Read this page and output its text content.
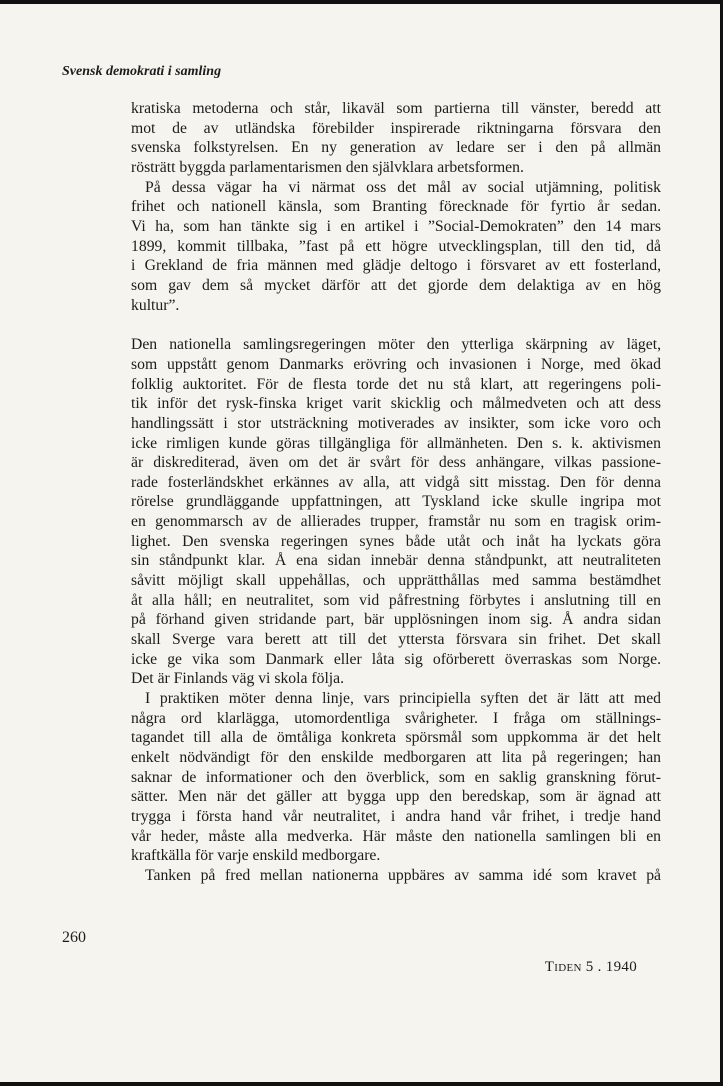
Svensk demokrati i samling
kratiska metoderna och står, likaväl som partierna till vänster, beredd att
mot de av utländska förebilder inspirerade riktningarna försvara den
svenska folkstyrelsen. En ny generation av ledare ser i den på allmän
rösträtt byggda parlamentarismen den självklara arbetsformen.
På dessa vägar ha vi närmat oss det mål av social utjämning, politisk
frihet och nationell känsla, som Branting förecknade för fyrtio år sedan.
Vi ha, som han tänkte sig i en artikel i ”Social-Demokraten” den 14 mars
1899, kommit tillbaka, ”fast på ett högre utvecklingsplan, till den tid, då
i Grekland de fria männen med glädje deltogo i försvaret av ett fosterland,
som gav dem så mycket därför att det gjorde dem delaktiga av en hög
kultur”.
Den nationella samlingsregeringen möter den ytterliga skärpning av läget,
som uppstått genom Danmarks erövring och invasionen i Norge, med ökad
folklig auktoritet. För de flesta torde det nu stå klart, att regeringens poli-
tik inför det rysk-finska kriget varit skicklig och målmedveten och att dess
handlingssätt i stor utsträckning motiverades av insikter, som icke voro och
icke rimligen kunde göras tillgängliga för allmänheten. Den s. k. aktivismen
är diskrediterad, även om det är svårt för dess anhängare, vilkas passione-
rade fosterländskhet erkännes av alla, att vidgå sitt misstag. Den för denna
rörelse grundläggande uppfattningen, att Tyskland icke skulle ingripa mot
en genommarsch av de allierades trupper, framstår nu som en tragisk orim-
lighet. Den svenska regeringen synes både utåt och inåt ha lyckats göra
sin ståndpunkt klar. Å ena sidan innebär denna ståndpunkt, att neutraliteten
såvitt möjligt skall uppehållas, och upprätthållas med samma bestämdhet
åt alla håll; en neutralitet, som vid påfrestning förbytes i anslutning till en
på förhand given stridande part, bär upplösningen inom sig. Å andra sidan
skall Sverge vara berett att till det yttersta försvara sin frihet. Det skall
icke ge vika som Danmark eller låta sig oförberett överraskas som Norge.
Det är Finlands väg vi skola följa.
I praktiken möter denna linje, vars principiella syften det är lätt att med
några ord klarlägga, utomordentliga svårigheter. I fråga om ställnings-
tagandet till alla de ömtåliga konkreta spörsmål som uppkomma är det helt
enkelt nödvändigt för den enskilde medborgaren att lita på regeringen; han
saknar de informationer och den överblick, som en saklig granskning förut-
sätter. Men när det gäller att bygga upp den beredskap, som är ägnad att
trygga i första hand vår neutralitet, i andra hand vår frihet, i tredje hand
vår heder, måste alla medverka. Här måste den nationella samlingen bli en
kraftkälla för varje enskild medborgare.
Tanken på fred mellan nationerna uppbäres av samma idé som kravet på
260
Tiden 5 . 1940
